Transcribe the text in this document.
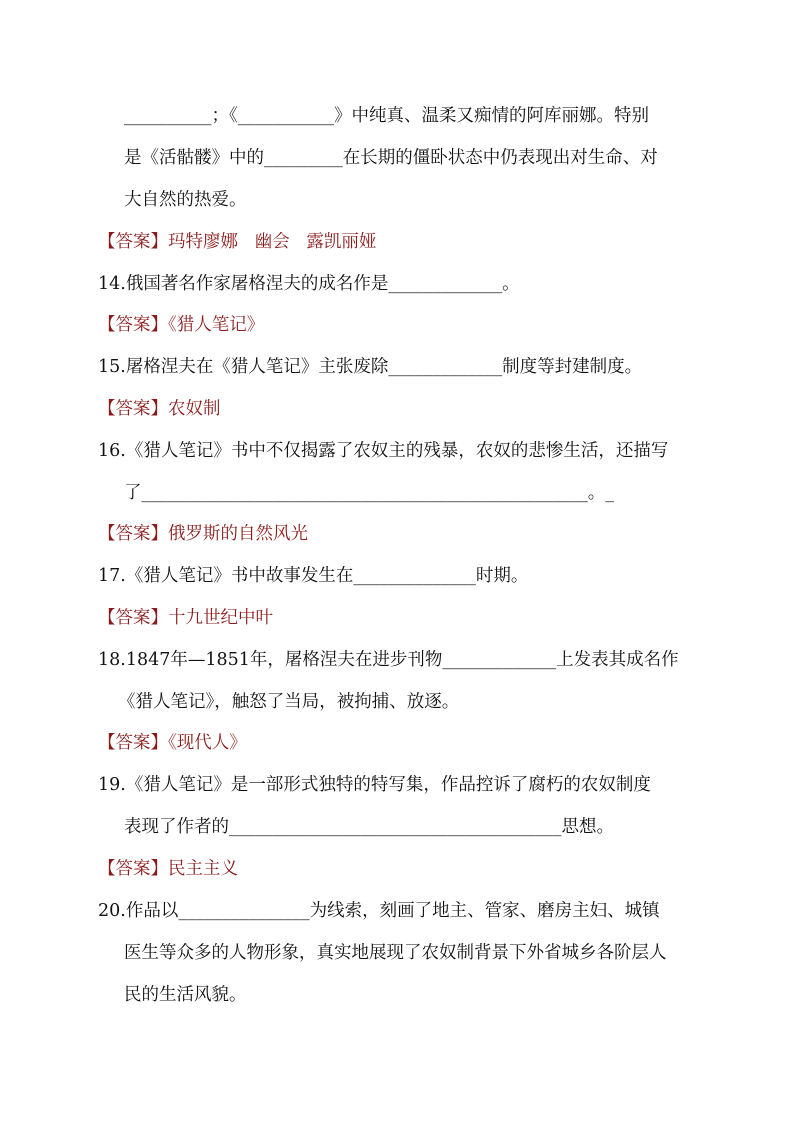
__________；《___________》中纯真、温柔又痴情的阿库丽娜。特别
是《活骷髅》中的_________在长期的僵卧状态中仍表现出对生命、对
大自然的热爱。
【答案】玛特廖娜   幽会   露凯丽娅
14.俄国著名作家屠格涅夫的成名作是_____________。
【答案】《猎人笔记》
15.屠格涅夫在《猎人笔记》主张废除_____________制度等封建制度。
【答案】农奴制
16.《猎人笔记》书中不仅揭露了农奴主的残暴，农奴的悲惨生活，还描写
了___________________________________________________。_
【答案】俄罗斯的自然风光
17.《猎人笔记》书中故事发生在______________时期。
【答案】十九世纪中叶
18.1847年—1851年，屠格涅夫在进步刊物_____________上发表其成名作
《猎人笔记》，触怒了当局，被拘捕、放逐。
【答案】《现代人》
19.《猎人笔记》是一部形式独特的特写集，作品控诉了腐朽的农奴制度
表现了作者的______________________________________思想。
【答案】民主主义
20.作品以_______________为线索，刻画了地主、管家、磨房主妇、城镇
医生等众多的人物形象，真实地展现了农奴制背景下外省城乡各阶层人
民的生活风貌。
